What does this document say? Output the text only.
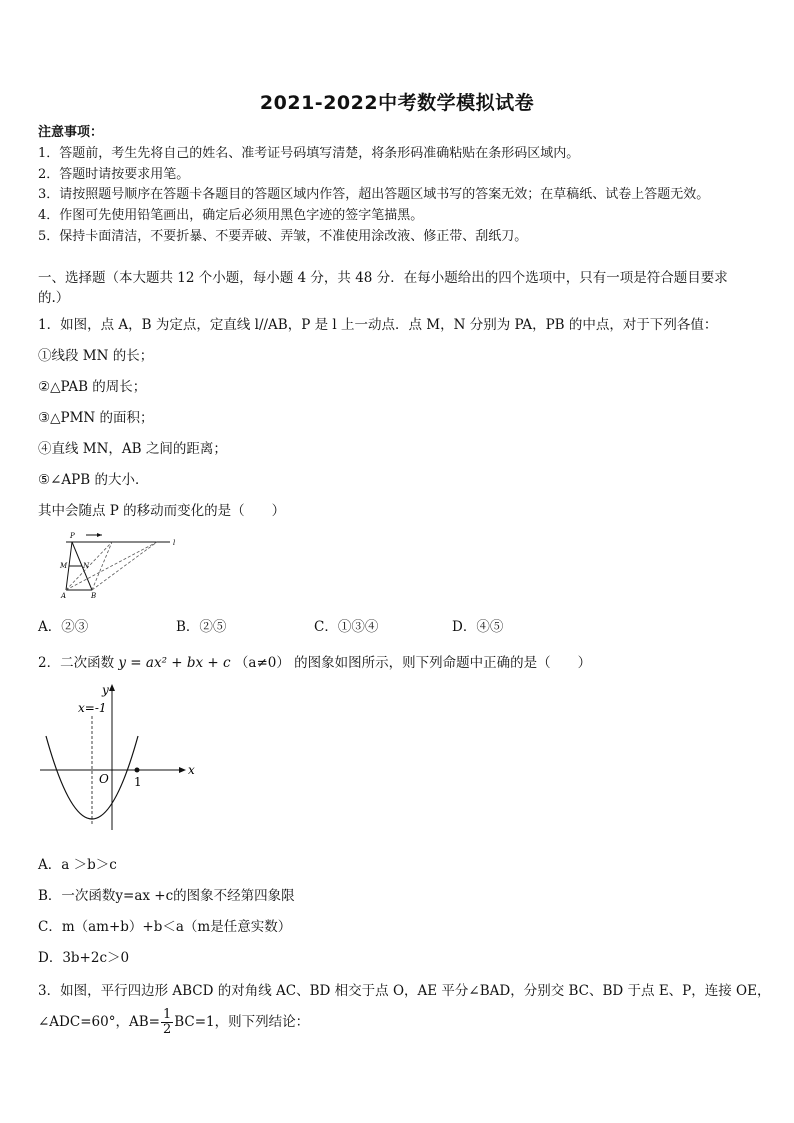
2021-2022中考数学模拟试卷
注意事项：
1．答题前，考生先将自己的姓名、准考证号码填写清楚，将条形码准确粘贴在条形码区域内。
2．答题时请按要求用笔。
3．请按照题号顺序在答题卡各题目的答题区域内作答，超出答题区域书写的答案无效；在草稿纸、试卷上答题无效。
4．作图可先使用铅笔画出，确定后必须用黑色字迹的签字笔描黑。
5．保持卡面清洁，不要折暴、不要弄破、弄皱，不准使用涂改液、修正带、刮纸刀。
一、选择题（本大题共 12 个小题，每小题 4 分，共 48 分．在每小题给出的四个选项中，只有一项是符合题目要求
的.）
1．如图，点 A，B 为定点，定直线 l//AB，P 是 l 上一动点．点 M，N 分别为 PA，PB 的中点，对于下列各值：
①线段 MN 的长；
②△PAB 的周长；
③△PMN 的面积；
④直线 MN，AB 之间的距离；
⑤∠APB 的大小．
其中会随点 P 的移动而变化的是（　　）
P
l
M N
A	B
A．②③	B．②⑤	C．①③④	D．④⑤
2．二次函数 y = ax² + bx + c （a≠0） 的图象如图所示，则下列命题中正确的是（　　）
x=-1
x
y
O 1
A．a ＞b＞c
B．一次函数y=ax +c的图象不经第四象限
C．m（am+b）+b＜a（m是任意实数）
D．3b+2c＞0
3．如图，平行四边形 ABCD 的对角线 AC、BD 相交于点 O，AE 平分∠BAD，分别交 BC、BD 于点 E、P，连接 OE，
∠ADC=60°，$AB= \frac{1}{2} BC=1$，则下列结论：
